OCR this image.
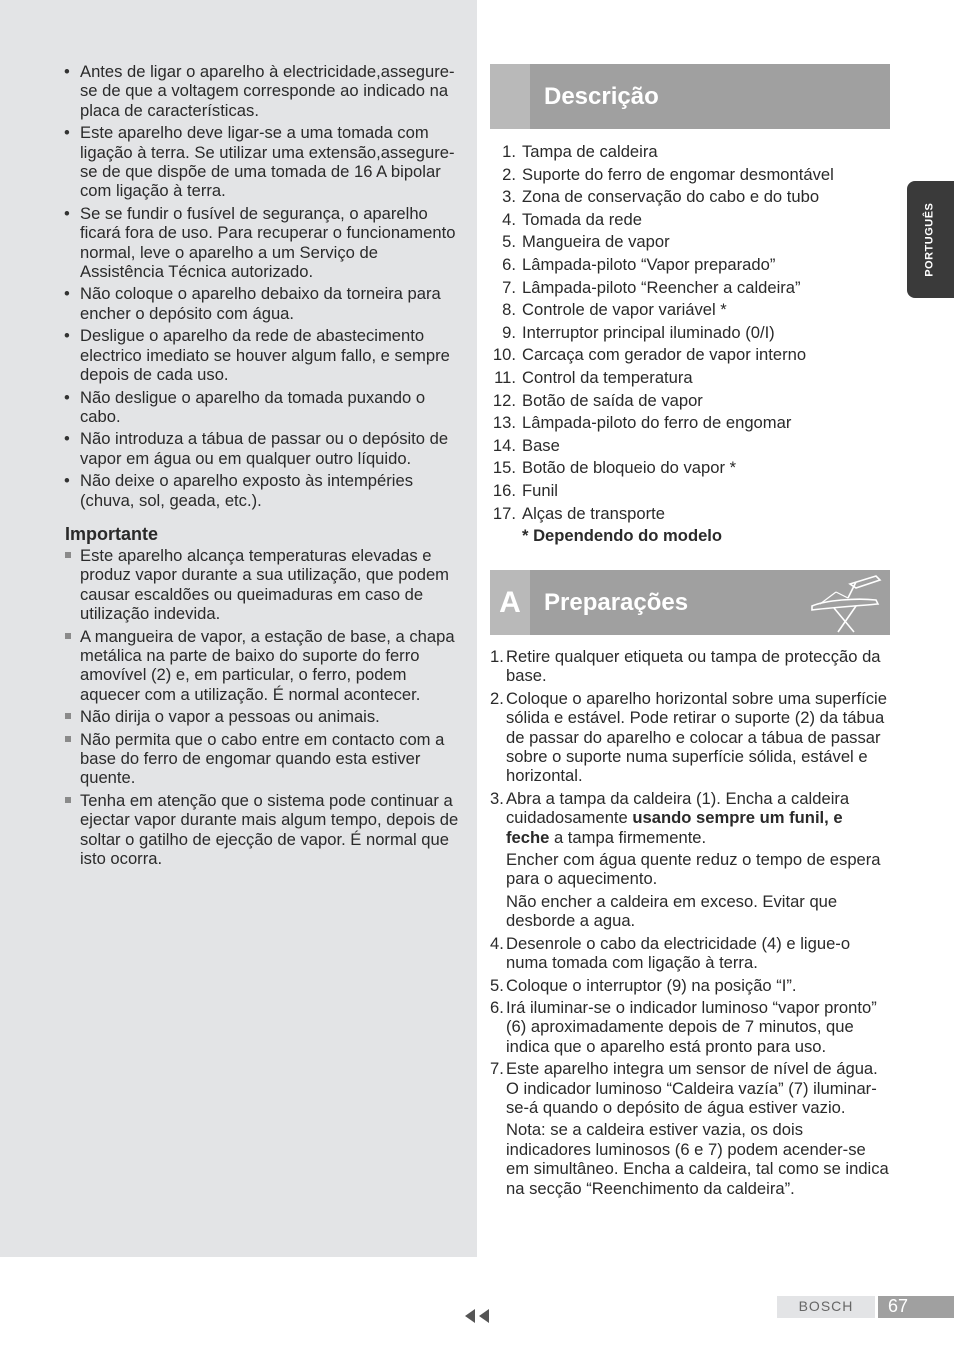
• Antes de ligar o aparelho à electricidade,assegure-se de que a voltagem corresponde ao indicado na placa de características.
• Este aparelho deve ligar-se a uma tomada com ligação à terra. Se utilizar uma extensão,assegure-se de que dispõe de uma tomada de 16 A bipolar com ligação à terra.
• Se se fundir o fusível de segurança, o aparelho ficará fora de uso. Para recuperar o funcionamento normal, leve o aparelho a um Serviço de Assistência Técnica autorizado.
• Não coloque o aparelho debaixo da torneira para encher o depósito com água.
• Desligue o aparelho da rede de abastecimento electrico imediato se houver algum fallo, e sempre depois de cada uso.
• Não desligue o aparelho da tomada puxando o cabo.
• Não introduza a tábua de passar ou o depósito de vapor em água ou em qualquer outro líquido.
• Não deixe o aparelho exposto às intempéries (chuva, sol, geada, etc.).
Importante
Este aparelho alcança temperaturas elevadas e produz vapor durante a sua utilização, que podem causar escaldões ou queimaduras em caso de utilização indevida.
A mangueira de vapor, a estação de base, a chapa metálica na parte de baixo do suporte do ferro amovível (2) e, em particular, o ferro, podem aquecer com a utilização. É normal acontecer.
Não dirija o vapor a pessoas ou animais.
Não permita que o cabo entre em contacto com a base do ferro de engomar quando esta estiver quente.
Tenha em atenção que o sistema pode continuar a ejectar vapor durante mais algum tempo, depois de soltar o gatilho de ejecção de vapor. É normal que isto ocorra.
Descrição
1. Tampa de caldeira
2. Suporte do ferro de engomar desmontável
3. Zona de conservação do cabo e do tubo
4. Tomada da rede
5. Mangueira de vapor
6. Lâmpada-piloto “Vapor preparado”
7. Lâmpada-piloto “Reencher a caldeira”
8. Controle de vapor variável *
9. Interruptor principal iluminado (0/I)
10. Carcaça com gerador de vapor interno
11. Control da temperatura
12. Botão de saída de vapor
13. Lâmpada-piloto do ferro de engomar
14. Base
15. Botão de bloqueio do vapor *
16. Funil
17. Alças de transporte
* Dependendo do modelo
A Preparações
1. Retire qualquer etiqueta ou tampa de protecção da base.

2. Coloque o aparelho horizontal sobre uma superfície sólida e estável. Pode retirar o suporte (2) da tábua de passar do aparelho e colocar a tábua de passar sobre o suporte numa superfície sólida, estável e horizontal.

3. Abra a tampa da caldeira (1). Encha a caldeira cuidadosamente usando sempre um funil, e feche a tampa firmemente.

Encher com água quente reduz o tempo de espera para o aquecimento.

Não encher a caldeira em exceso. Evitar que desborde a agua.

4. Desenrole o cabo da electricidade (4) e ligue-o numa tomada com ligação à terra.

5. Coloque o interruptor (9) na posição “I”.

6. Irá iluminar-se o indicador luminoso “vapor pronto” (6) aproximadamente depois de 7 minutos, que indica que o aparelho está pronto para uso.

7. Este aparelho integra um sensor de nível de água. O indicador luminoso “Caldeira vazía” (7) iluminar-se-á quando o depósito de água estiver vazio.

Nota: se a caldeira estiver vazia, os dois indicadores luminosos (6 e 7) podem acender-se em simultâneo. Encha a caldeira, tal como se indica na secção “Reenchimento da caldeira”.

PORTUGUÊS
BOSCH	67
